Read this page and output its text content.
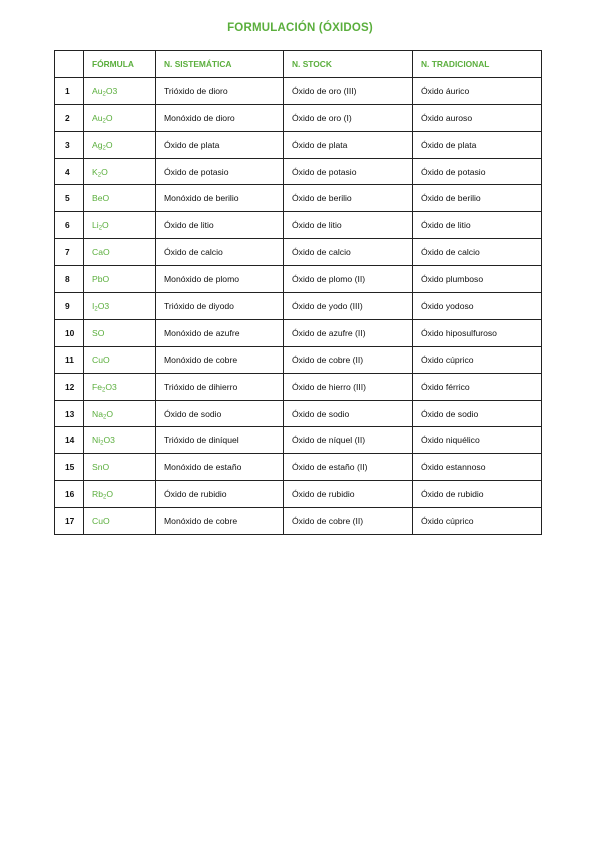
FORMULACIÓN (ÓXIDOS)
	FÓRMULA	N. SISTEMÁTICA	N. STOCK	N. TRADICIONAL
1	$Au_2O3$	Trióxido de dioro	Óxido de oro (III)	Óxido áurico
2	$Au_2O$	Monóxido de dioro	Óxido de oro (I)	Óxido auroso
3	$Ag_2O$	Óxido de plata	Óxido de plata	Óxido de plata
4	$K_2O$	Óxido de potasio	Óxido de potasio	Óxido de potasio
5	BeO	Monóxido de berilio	Óxido de berilio	Óxido de berilio
6	$Li_2O$	Óxido de litio	Óxido de litio	Óxido de litio
7	CaO	Óxido de calcio	Óxido de calcio	Óxido de calcio
8	PbO	Monóxido de plomo	Óxido de plomo (II)	Óxido plumboso
9	$I_2O3$	Trióxido de diyodo	Óxido de yodo (III)	Óxido yodoso
10	SO	Monóxido de azufre	Óxido de azufre (II)	Óxido hiposulfuroso
11	CuO	Monóxido de cobre	Óxido de cobre (II)	Óxido cúprico
12	$Fe_2O3$	Trióxido de dihierro	Óxido de hierro (III)	Óxido férrico
13	$Na_2O$	Óxido de sodio	Óxido de sodio	Óxido de sodio
14	$Ni_2O3$	Trióxido de diníquel	Óxido de níquel (II)	Óxido niquélico
15	SnO	Monóxido de estaño	Óxido de estaño (II)	Óxido estannoso
16	$Rb_2O$	Óxido de rubidio	Óxido de rubidio	Óxido de rubidio
17	CuO	Monóxido de cobre	Óxido de cobre (II)	Óxido cúprico
